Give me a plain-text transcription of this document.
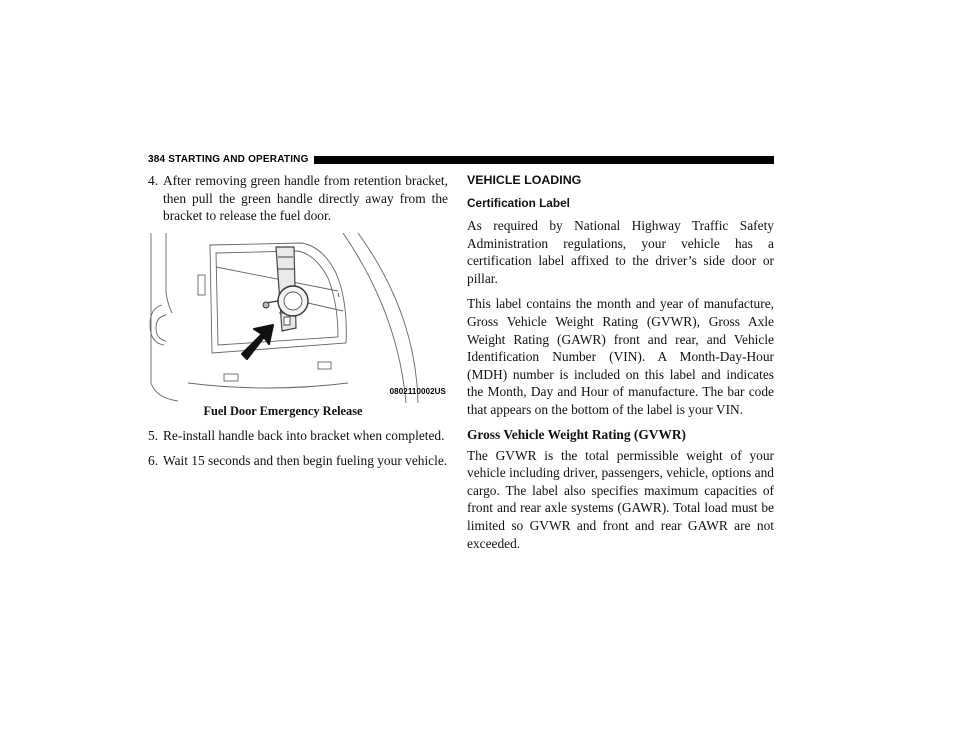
384 STARTING AND OPERATING
4. After removing green handle from retention bracket, then pull the green handle directly away from the bracket to release the fuel door.
0802110002US
Fuel Door Emergency Release
5. Re-install handle back into bracket when completed.
6. Wait 15 seconds and then begin fueling your vehicle.
VEHICLE LOADING
Certification Label

As required by National Highway Traffic Safety Administration regulations, your vehicle has a certification label affixed to the driver’s side door or pillar.

This label contains the month and year of manufacture, Gross Vehicle Weight Rating (GVWR), Gross Axle Weight Rating (GAWR) front and rear, and Vehicle Identification Number (VIN). A Month-Day-Hour (MDH) number is included on this label and indicates the Month, Day and Hour of manufacture. The bar code that appears on the bottom of the label is your VIN.

Gross Vehicle Weight Rating (GVWR)

The GVWR is the total permissible weight of your vehicle including driver, passengers, vehicle, options and cargo. The label also specifies maximum capacities of front and rear axle systems (GAWR). Total load must be limited so GVWR and front and rear GAWR are not exceeded.
